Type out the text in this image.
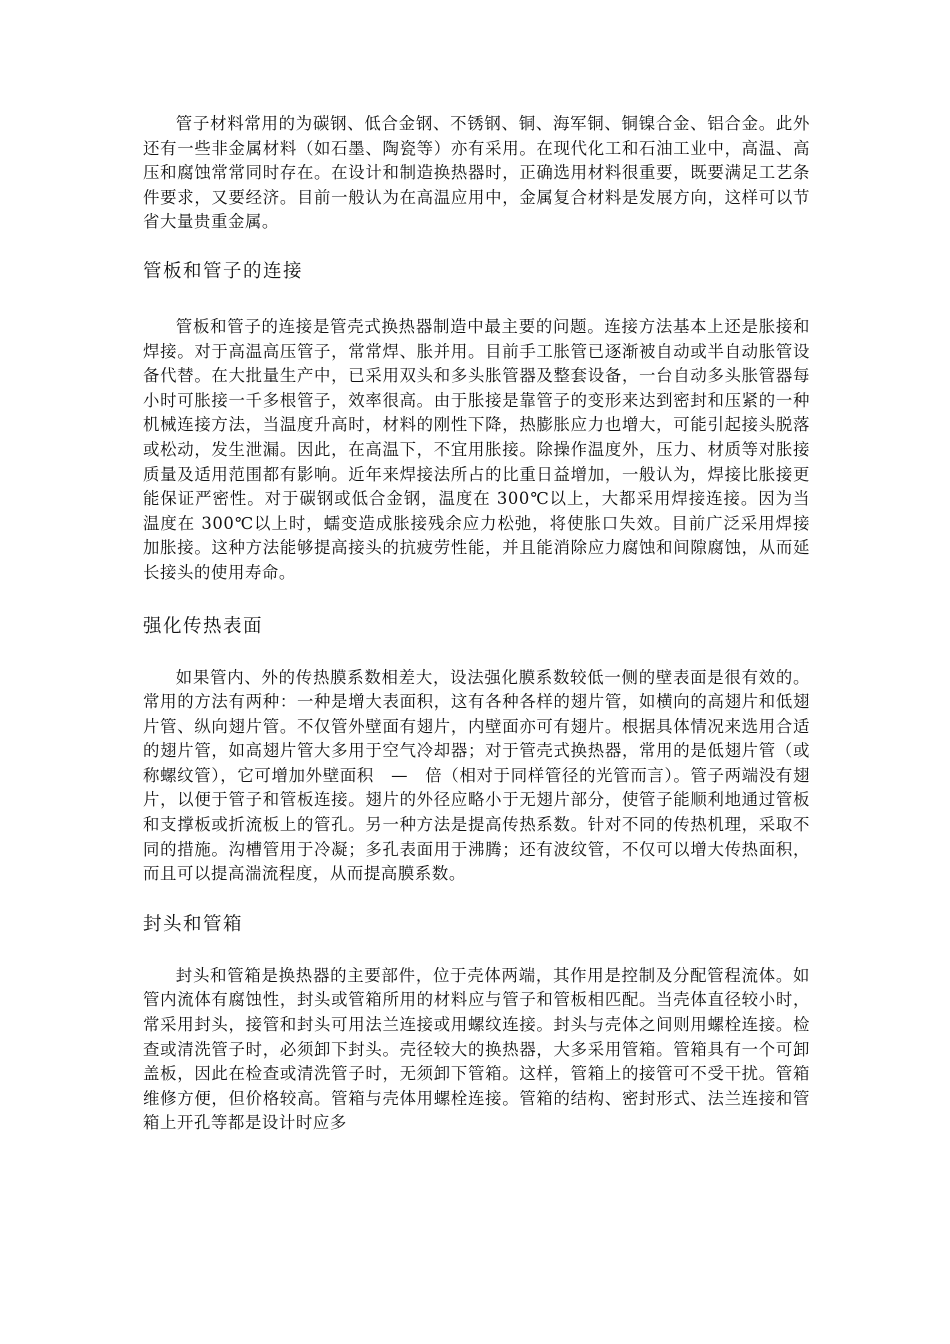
管子材料常用的为碳钢、低合金钢、不锈钢、铜、海军铜、铜镍合金、铝合金。此外还有一些非金属材料（如石墨、陶瓷等）亦有采用。在现代化工和石油工业中，高温、高压和腐蚀常常同时存在。在设计和制造换热器时，正确选用材料很重要，既要满足工艺条件要求，又要经济。目前一般认为在高温应用中，金属复合材料是发展方向，这样可以节省大量贵重金属。

管板和管子的连接

管板和管子的连接是管壳式换热器制造中最主要的问题。连接方法基本上还是胀接和焊接。对于高温高压管子，常常焊、胀并用。目前手工胀管已逐渐被自动或半自动胀管设备代替。在大批量生产中，已采用双头和多头胀管器及整套设备，一台自动多头胀管器每小时可胀接一千多根管子，效率很高。由于胀接是靠管子的变形来达到密封和压紧的一种机械连接方法，当温度升高时，材料的刚性下降，热膨胀应力也增大，可能引起接头脱落或松动，发生泄漏。因此，在高温下，不宜用胀接。除操作温度外，压力、材质等对胀接质量及适用范围都有影响。近年来焊接法所占的比重日益增加，一般认为，焊接比胀接更能保证严密性。对于碳钢或低合金钢，温度在 300℃以上，大都采用焊接连接。因为当温度在 300℃以上时，蠕变造成胀接残余应力松弛，将使胀口失效。目前广泛采用焊接加胀接。这种方法能够提高接头的抗疲劳性能，并且能消除应力腐蚀和间隙腐蚀，从而延长接头的使用寿命。

强化传热表面

如果管内、外的传热膜系数相差大，设法强化膜系数较低一侧的壁表面是很有效的。常用的方法有两种：一种是增大表面积，这有各种各样的翅片管，如横向的高翅片和低翅片管、纵向翅片管。不仅管外壁面有翅片，内壁面亦可有翅片。根据具体情况来选用合适的翅片管，如高翅片管大多用于空气冷却器；对于管壳式换热器，常用的是低翅片管（或称螺纹管），它可增加外壁面积　—　倍（相对于同样管径的光管而言）。管子两端没有翅片，以便于管子和管板连接。翅片的外径应略小于无翅片部分，使管子能顺利地通过管板和支撑板或折流板上的管孔。另一种方法是提高传热系数。针对不同的传热机理，采取不同的措施。沟槽管用于冷凝；多孔表面用于沸腾；还有波纹管，不仅可以增大传热面积，而且可以提高湍流程度，从而提高膜系数。

封头和管箱

封头和管箱是换热器的主要部件，位于壳体两端，其作用是控制及分配管程流体。如管内流体有腐蚀性，封头或管箱所用的材料应与管子和管板相匹配。当壳体直径较小时，常采用封头，接管和封头可用法兰连接或用螺纹连接。封头与壳体之间则用螺栓连接。检查或清洗管子时，必须卸下封头。壳径较大的换热器，大多采用管箱。管箱具有一个可卸盖板，因此在检查或清洗管子时，无须卸下管箱。这样，管箱上的接管可不受干扰。管箱维修方便，但价格较高。管箱与壳体用螺栓连接。管箱的结构、密封形式、法兰连接和管箱上开孔等都是设计时应多
